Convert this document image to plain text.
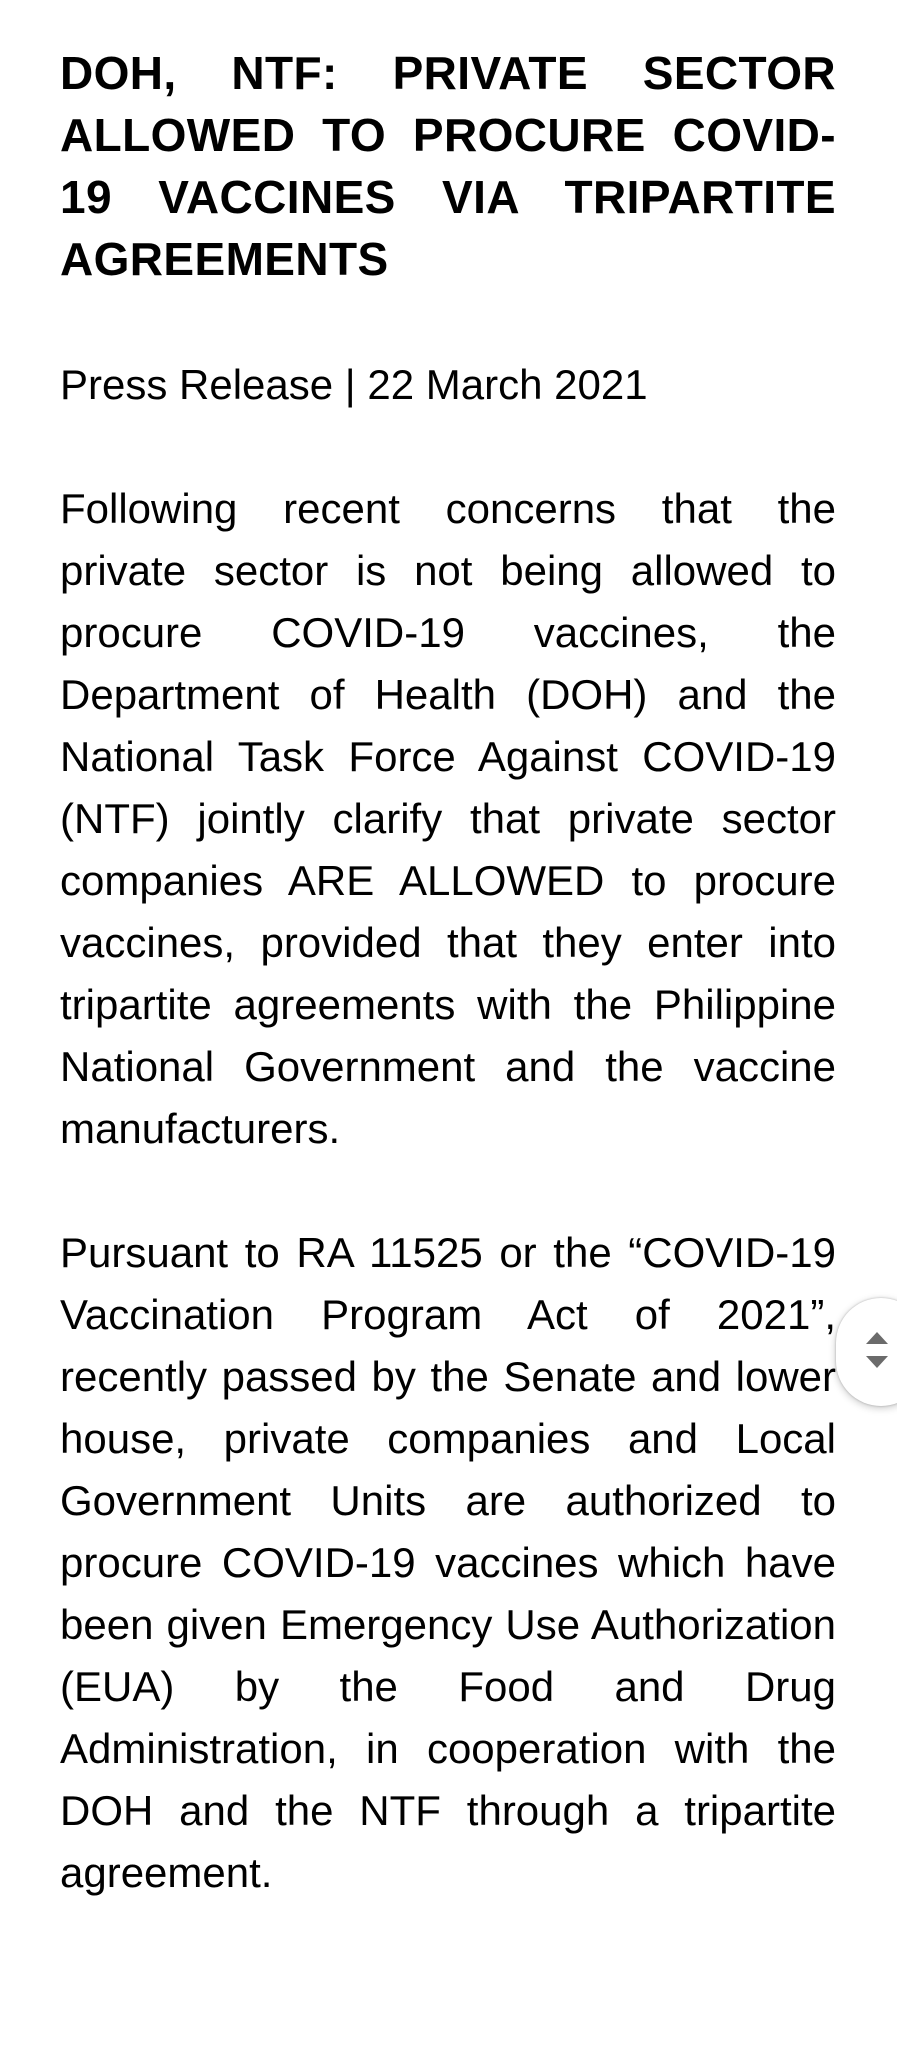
DOH, NTF: PRIVATE SECTOR ALLOWED TO PROCURE COVID-19 VACCINES VIA TRIPARTITE AGREEMENTS

Press Release | 22 March 2021

Following recent concerns that the private sector is not being allowed to procure COVID-19 vaccines, the Department of Health (DOH) and the National Task Force Against COVID-19 (NTF) jointly clarify that private sector companies ARE ALLOWED to procure vaccines, provided that they enter into tripartite agreements with the Philippine National Government and the vaccine manufacturers.

Pursuant to RA 11525 or the “COVID-19 Vaccination Program Act of 2021”, recently passed by the Senate and lower house, private companies and Local Government Units are authorized to procure COVID-19 vaccines which have been given Emergency Use Authorization (EUA) by the Food and Drug Administration, in cooperation with the DOH and the NTF through a tripartite agreement.
